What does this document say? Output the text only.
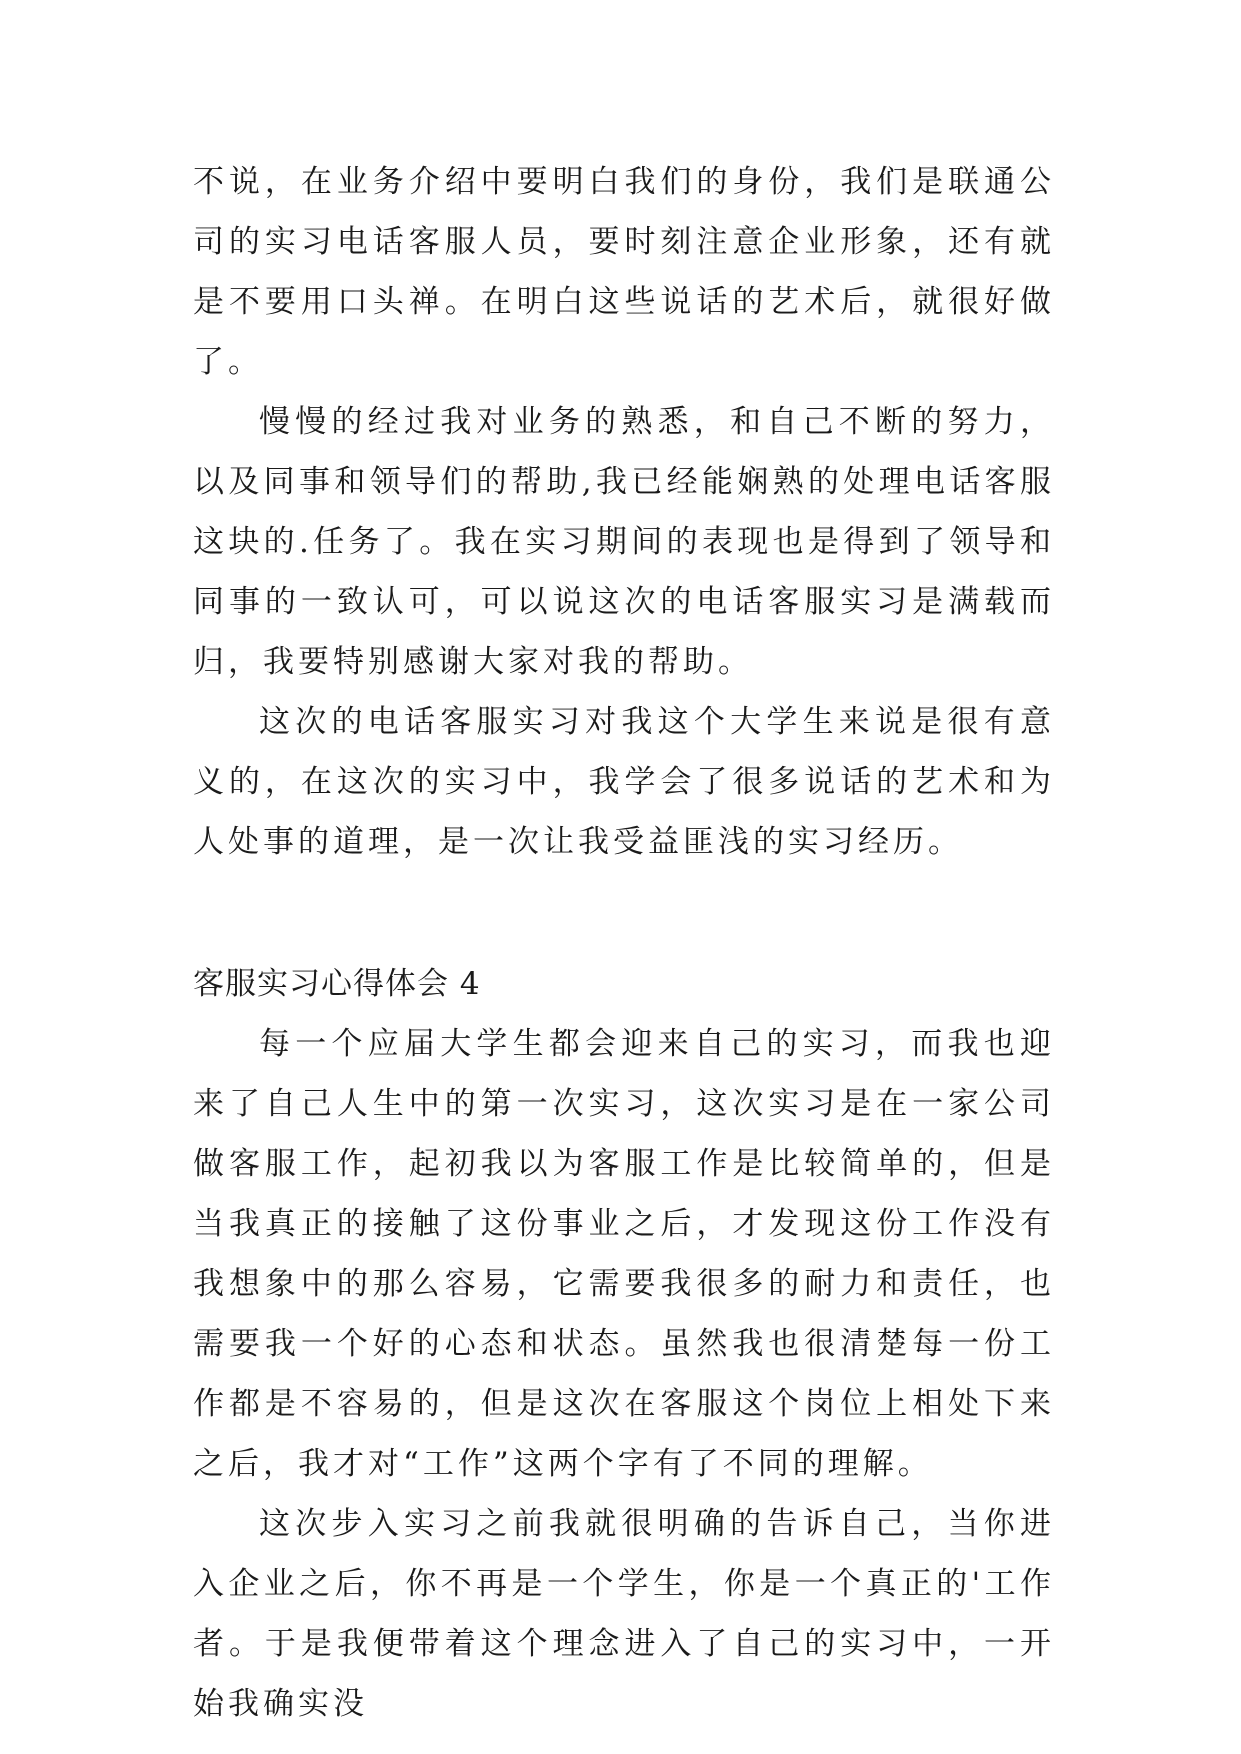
不说，在业务介绍中要明白我们的身份，我们是联通公司的实习电话客服人员，要时刻注意企业形象，还有就是不要用口头禅。在明白这些说话的艺术后，就很好做了。

慢慢的经过我对业务的熟悉，和自己不断的努力，以及同事和领导们的帮助,我已经能娴熟的处理电话客服这块的.任务了。我在实习期间的表现也是得到了领导和同事的一致认可，可以说这次的电话客服实习是满载而归，我要特别感谢大家对我的帮助。

这次的电话客服实习对我这个大学生来说是很有意义的，在这次的实习中，我学会了很多说话的艺术和为人处事的道理，是一次让我受益匪浅的实习经历。

客服实习心得体会 4

每一个应届大学生都会迎来自己的实习，而我也迎来了自己人生中的第一次实习，这次实习是在一家公司做客服工作，起初我以为客服工作是比较简单的，但是当我真正的接触了这份事业之后，才发现这份工作没有我想象中的那么容易，它需要我很多的耐力和责任，也需要我一个好的心态和状态。虽然我也很清楚每一份工作都是不容易的，但是这次在客服这个岗位上相处下来之后，我才对“工作”这两个字有了不同的理解。

这次步入实习之前我就很明确的告诉自己，当你进入企业之后，你不再是一个学生，你是一个真正的'工作者。于是我便带着这个理念进入了自己的实习中，一开始我确实没
